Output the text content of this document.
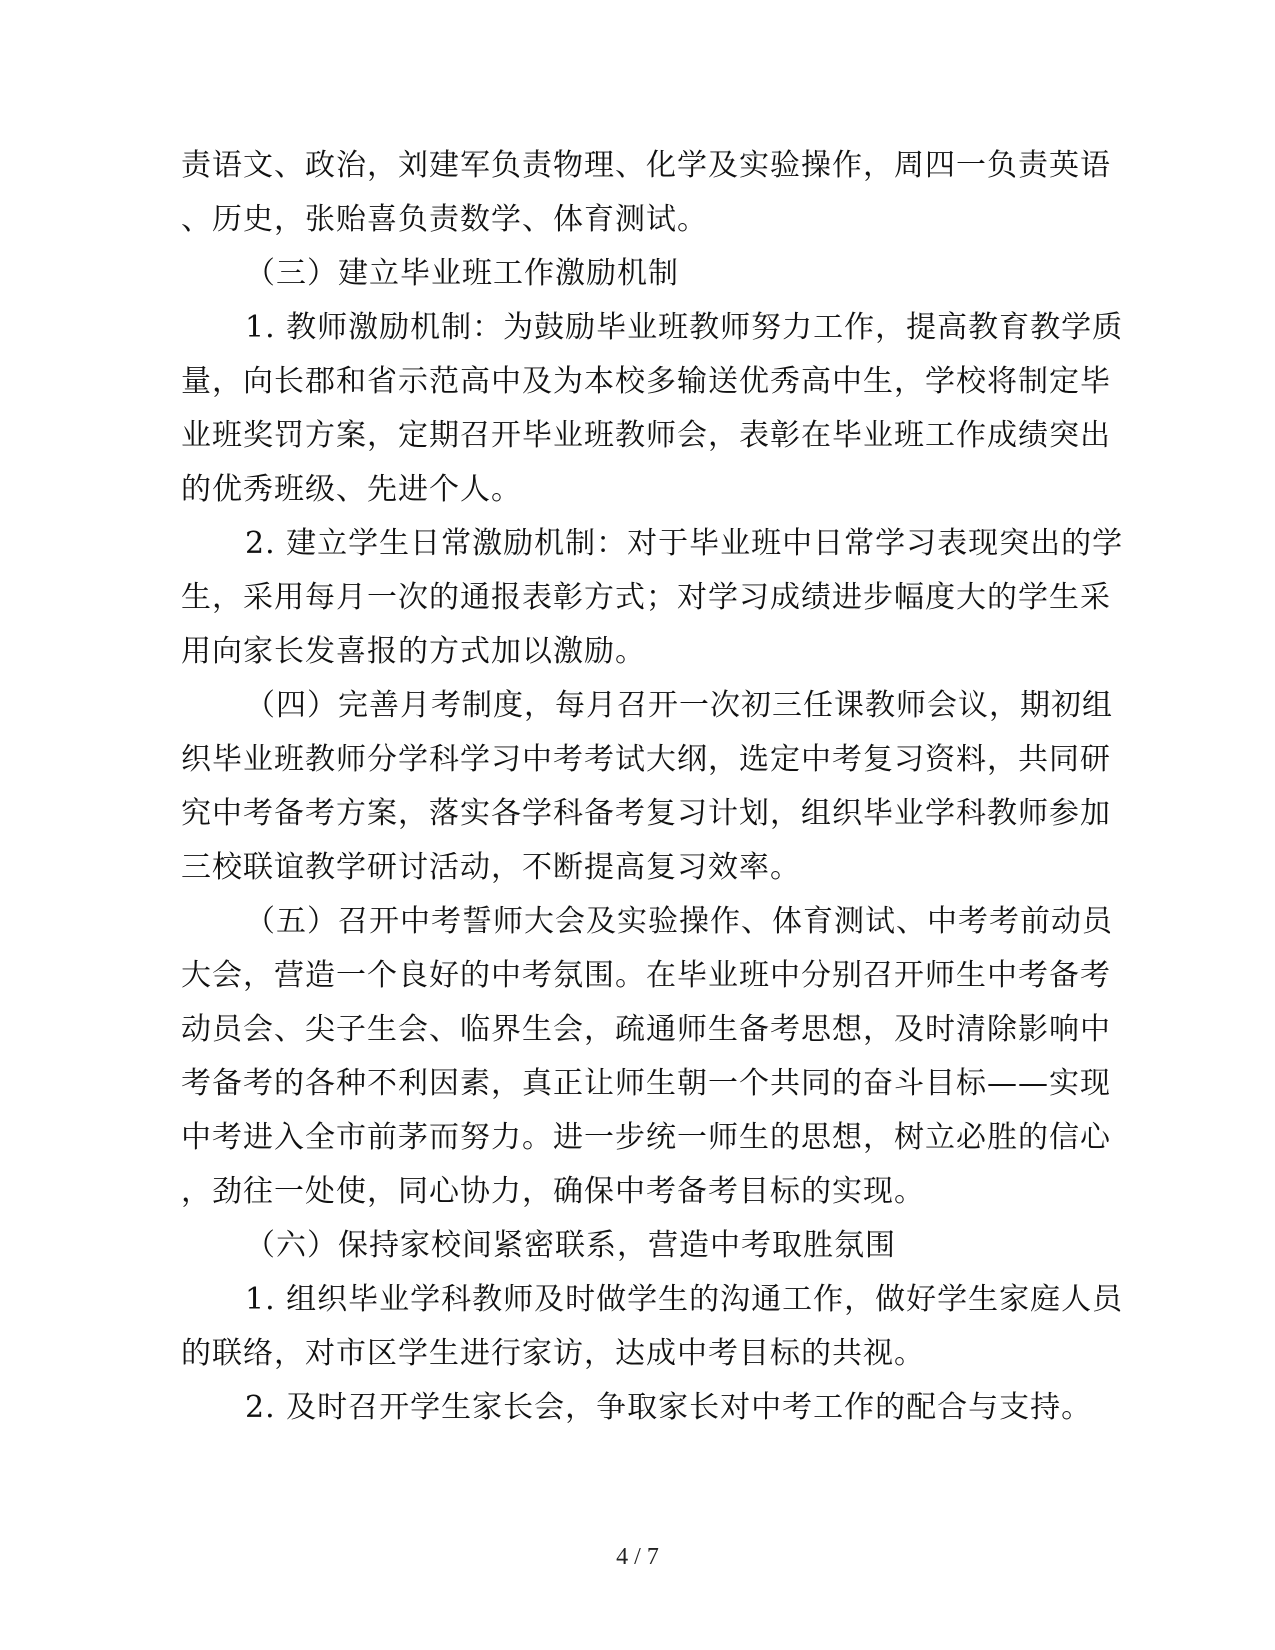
责语文、政治，刘建军负责物理、化学及实验操作，周四一负责英语
、历史，张贻喜负责数学、体育测试。
（三）建立毕业班工作激励机制
1. 教师激励机制：为鼓励毕业班教师努力工作，提高教育教学质
量，向长郡和省示范高中及为本校多输送优秀高中生，学校将制定毕
业班奖罚方案，定期召开毕业班教师会，表彰在毕业班工作成绩突出
的优秀班级、先进个人。
2. 建立学生日常激励机制：对于毕业班中日常学习表现突出的学
生，采用每月一次的通报表彰方式；对学习成绩进步幅度大的学生采
用向家长发喜报的方式加以激励。
（四）完善月考制度，每月召开一次初三任课教师会议，期初组
织毕业班教师分学科学习中考考试大纲，选定中考复习资料，共同研
究中考备考方案，落实各学科备考复习计划，组织毕业学科教师参加
三校联谊教学研讨活动，不断提高复习效率。
（五）召开中考誓师大会及实验操作、体育测试、中考考前动员
大会，营造一个良好的中考氛围。在毕业班中分别召开师生中考备考
动员会、尖子生会、临界生会，疏通师生备考思想，及时清除影响中
考备考的各种不利因素，真正让师生朝一个共同的奋斗目标——实现
中考进入全市前茅而努力。进一步统一师生的思想，树立必胜的信心
，劲往一处使，同心协力，确保中考备考目标的实现。
（六）保持家校间紧密联系，营造中考取胜氛围
1. 组织毕业学科教师及时做学生的沟通工作，做好学生家庭人员
的联络，对市区学生进行家访，达成中考目标的共视。
2. 及时召开学生家长会，争取家长对中考工作的配合与支持。
4 / 7
